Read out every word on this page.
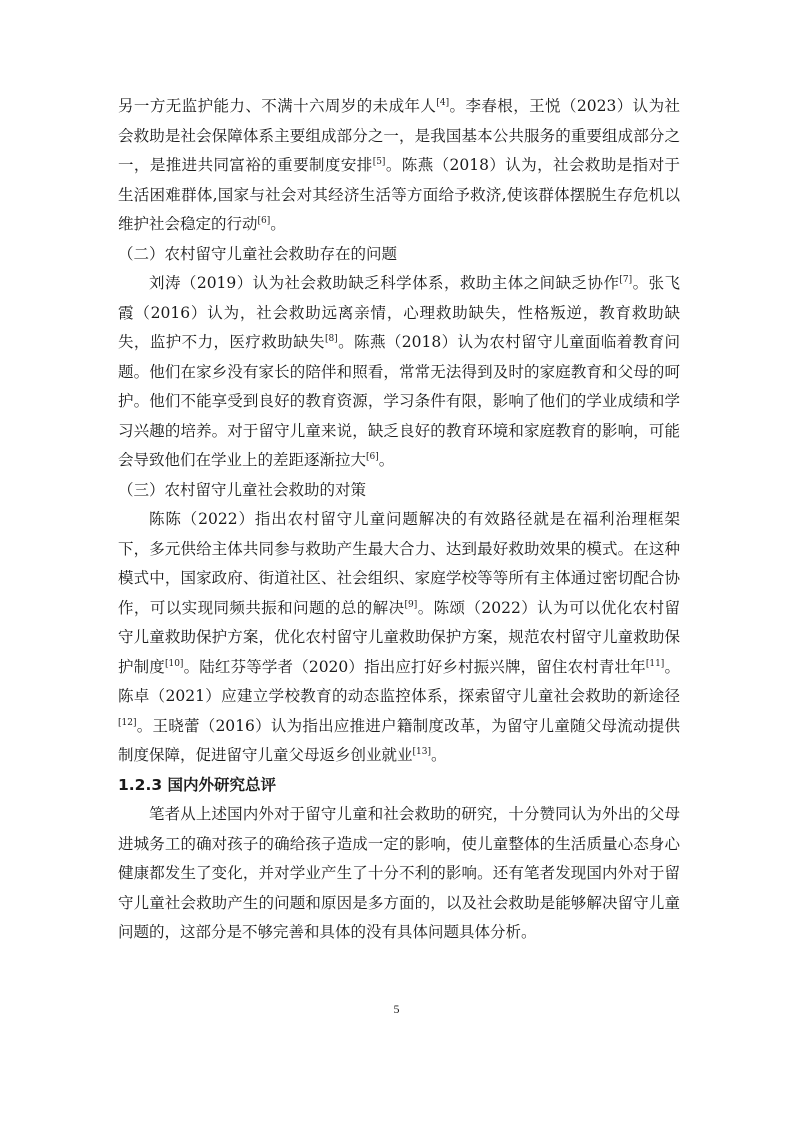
另一方无监护能力、不满十六周岁的未成年人[4]。李春根，王悦（2023）认为社会救助是社会保障体系主要组成部分之一，是我国基本公共服务的重要组成部分之一，是推进共同富裕的重要制度安排[5]。陈燕（2018）认为，社会救助是指对于生活困难群体,国家与社会对其经济生活等方面给予救济,使该群体摆脱生存危机以维护社会稳定的行动[6]。

（二）农村留守儿童社会救助存在的问题

刘涛（2019）认为社会救助缺乏科学体系，救助主体之间缺乏协作[7]。张飞霞（2016）认为，社会救助远离亲情，心理救助缺失，性格叛逆，教育救助缺失，监护不力，医疗救助缺失[8]。陈燕（2018）认为农村留守儿童面临着教育问题。他们在家乡没有家长的陪伴和照看，常常无法得到及时的家庭教育和父母的呵护。他们不能享受到良好的教育资源，学习条件有限，影响了他们的学业成绩和学习兴趣的培养。对于留守儿童来说，缺乏良好的教育环境和家庭教育的影响，可能会导致他们在学业上的差距逐渐拉大[6]。

（三）农村留守儿童社会救助的对策

陈陈（2022）指出农村留守儿童问题解决的有效路径就是在福利治理框架下，多元供给主体共同参与救助产生最大合力、达到最好救助效果的模式。在这种模式中，国家政府、街道社区、社会组织、家庭学校等等所有主体通过密切配合协作，可以实现同频共振和问题的总的解决[9]。陈颂（2022）认为可以优化农村留守儿童救助保护方案，优化农村留守儿童救助保护方案，规范农村留守儿童救助保护制度[10]。陆红芬等学者（2020）指出应打好乡村振兴牌，留住农村青壮年[11]。陈卓（2021）应建立学校教育的动态监控体系，探索留守儿童社会救助的新途径[12]。王晓蕾（2016）认为指出应推进户籍制度改革，为留守儿童随父母流动提供制度保障，促进留守儿童父母返乡创业就业[13]。

1.2.3 国内外研究总评

笔者从上述国内外对于留守儿童和社会救助的研究，十分赞同认为外出的父母进城务工的确对孩子的确给孩子造成一定的影响，使儿童整体的生活质量心态身心健康都发生了变化，并对学业产生了十分不利的影响。还有笔者发现国内外对于留守儿童社会救助产生的问题和原因是多方面的，以及社会救助是能够解决留守儿童问题的，这部分是不够完善和具体的没有具体问题具体分析。

5
